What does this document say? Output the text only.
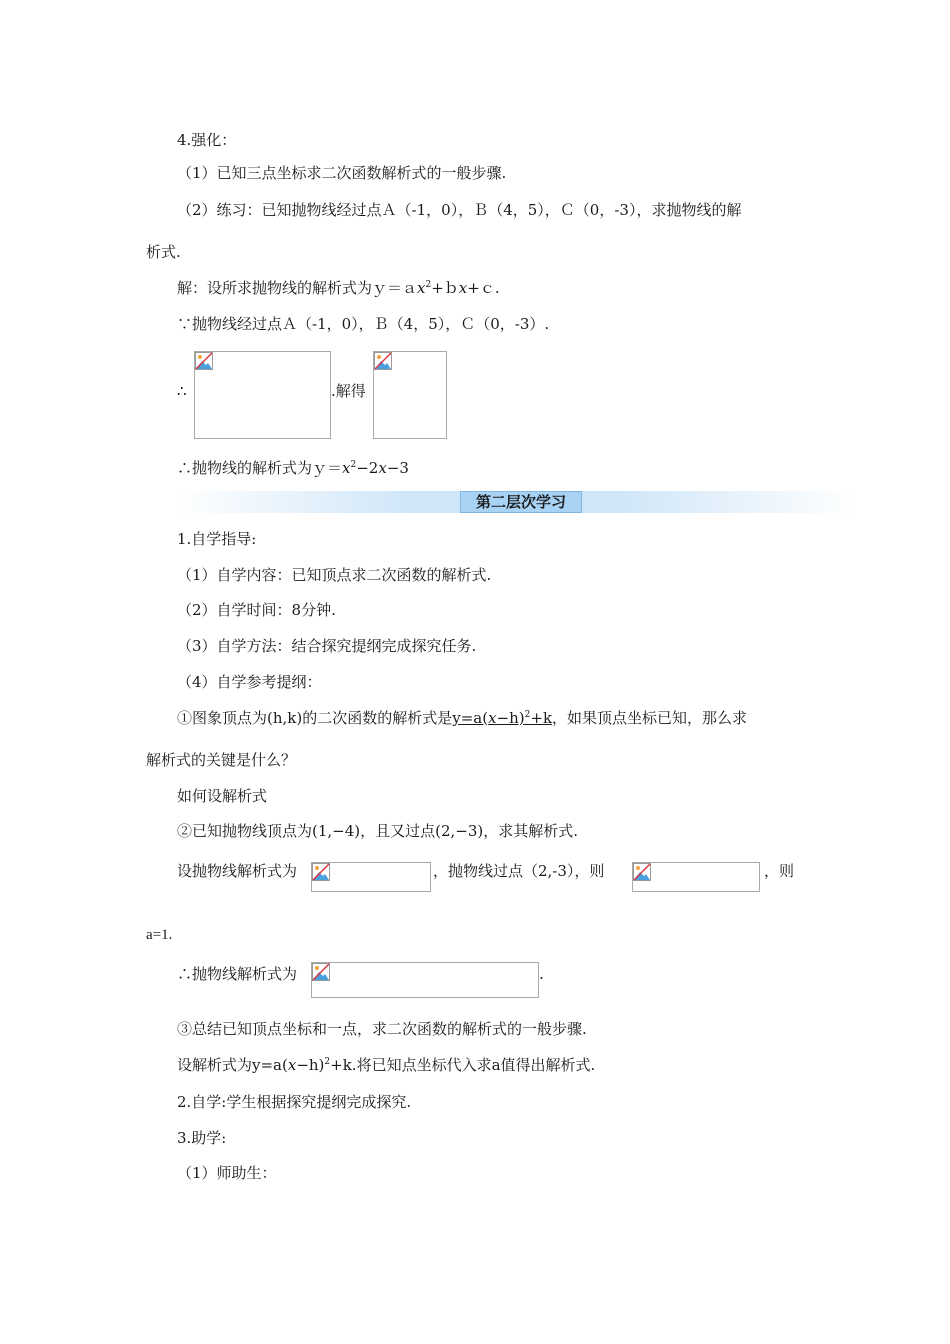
4.强化：
（1）已知三点坐标求二次函数解析式的一般步骤.
（2）练习：已知抛物线经过点Ａ（-1，0），Ｂ（4，5），Ｃ（0，-3），求抛物线的解
析式.
解：设所求抛物线的解析式为ｙ＝ａx$^2$+ｂx+ｃ.
∵抛物线经过点Ａ（-1，0），Ｂ（4，5），Ｃ（0，-3）.
∴	.解得
∴抛物线的解析式为$y=x^2-2x-3$
第二层次学习
1.自学指导:
（1）自学内容：已知顶点求二次函数的解析式.
（2）自学时间：8分钟.
（3）自学方法：结合探究提纲完成探究任务.
（4）自学参考提纲：
①图象顶点为(h,k)的二次函数的解析式是$y=a(x-h)^2+k$，如果顶点坐标已知，那么求
解析式的关键是什么？
如何设解析式
②已知抛物线顶点为(1,−4)，且又过点(2,−3)，求其解析式.
设抛物线解析式为	，抛物线过点（2,-3），则	，则
a=1.
∴抛物线解析式为	.
③总结已知顶点坐标和一点，求二次函数的解析式的一般步骤.
设解析式为$y=a(x-h)^2+k$.将已知点坐标代入求a值得出解析式.
2.自学:学生根据探究提纲完成探究.
3.助学:
（1）师助生：
